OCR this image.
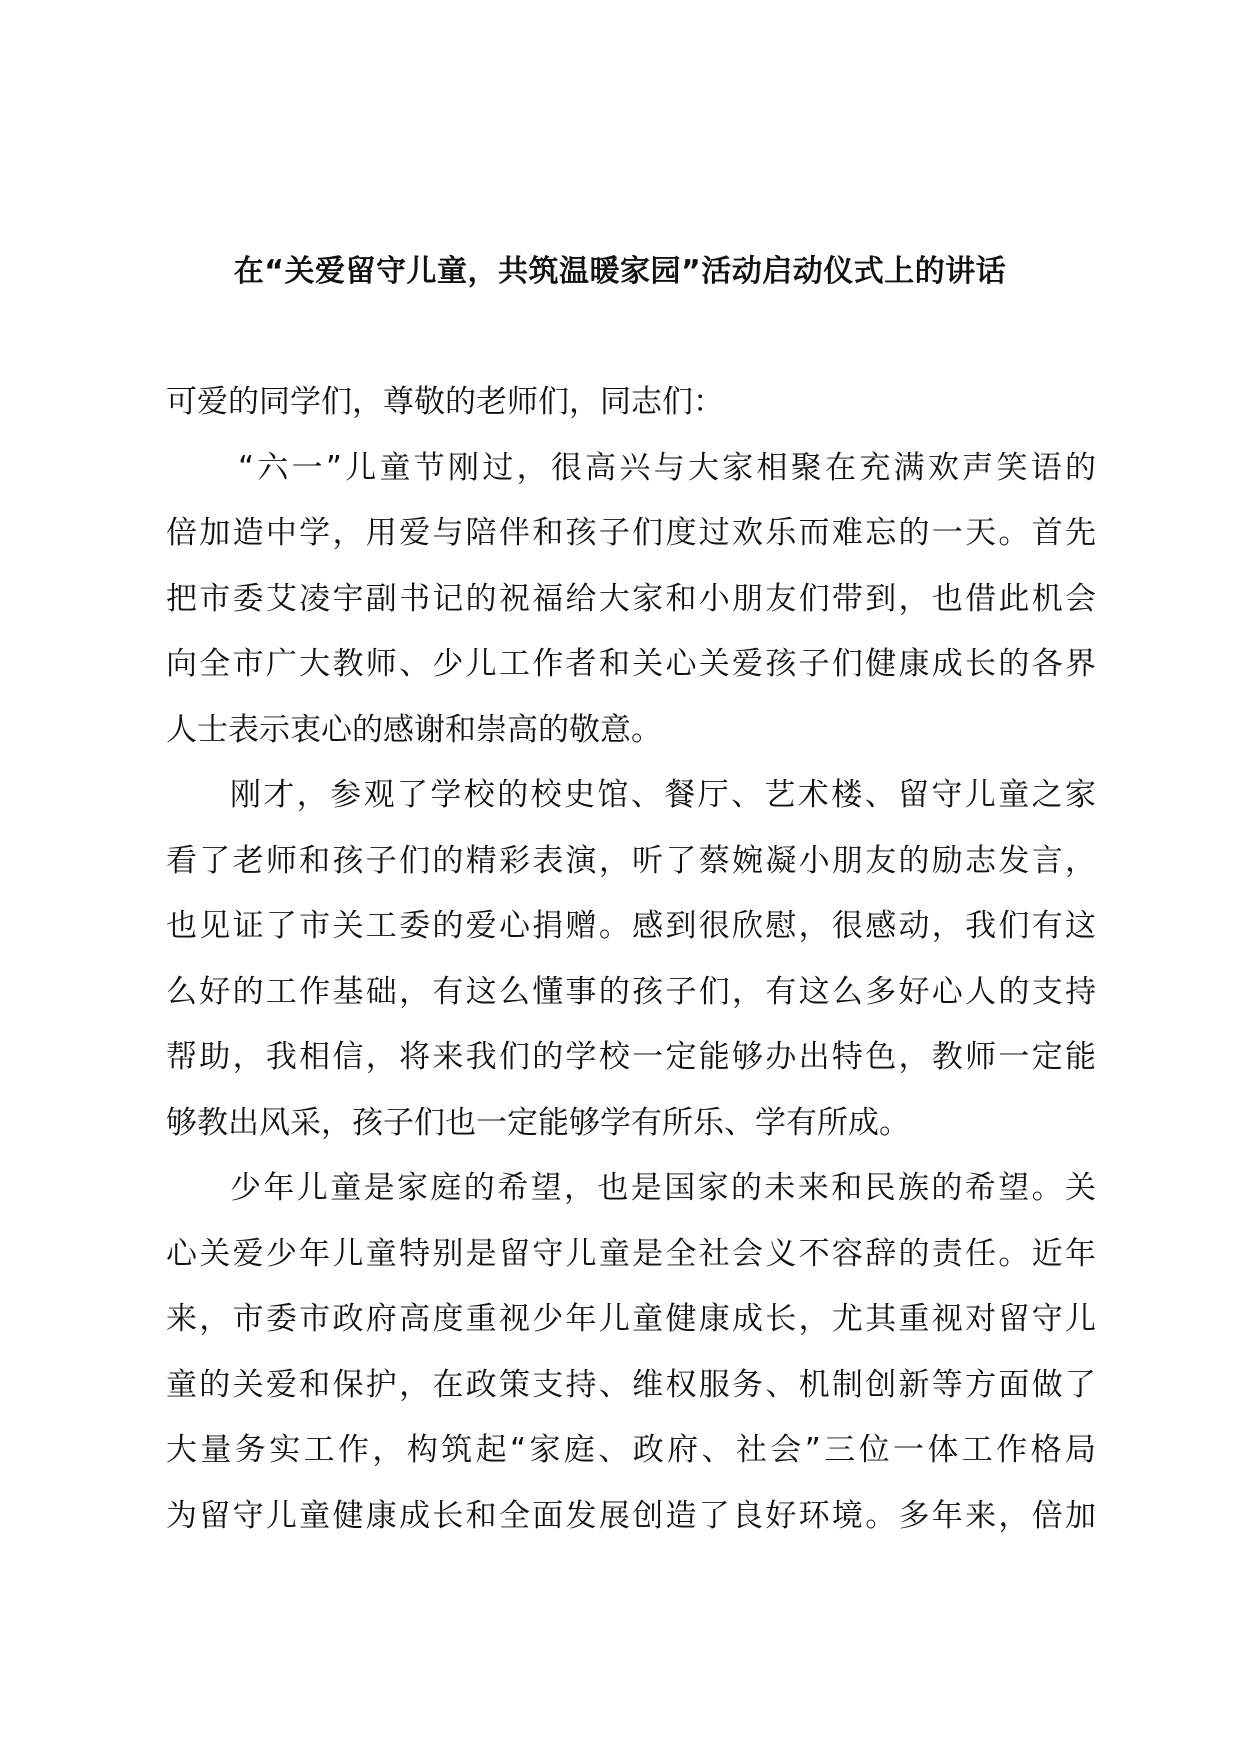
在“关爱留守儿童，共筑温暖家园”活动启动仪式上的讲话
可爱的同学们，尊敬的老师们，同志们：
“六一”儿童节刚过，很高兴与大家相聚在充满欢声笑语的
倍加造中学，用爱与陪伴和孩子们度过欢乐而难忘的一天。首先
把市委艾凌宇副书记的祝福给大家和小朋友们带到，也借此机会
向全市广大教师、少儿工作者和关心关爱孩子们健康成长的各界
人士表示衷心的感谢和崇高的敬意。
刚才，参观了学校的校史馆、餐厅、艺术楼、留守儿童之家
看了老师和孩子们的精彩表演，听了蔡婉凝小朋友的励志发言，
也见证了市关工委的爱心捐赠。感到很欣慰，很感动，我们有这
么好的工作基础，有这么懂事的孩子们，有这么多好心人的支持
帮助，我相信，将来我们的学校一定能够办出特色，教师一定能
够教出风采，孩子们也一定能够学有所乐、学有所成。
少年儿童是家庭的希望，也是国家的未来和民族的希望。关
心关爱少年儿童特别是留守儿童是全社会义不容辞的责任。近年
来，市委市政府高度重视少年儿童健康成长，尤其重视对留守儿
童的关爱和保护，在政策支持、维权服务、机制创新等方面做了
大量务实工作，构筑起“家庭、政府、社会”三位一体工作格局
为留守儿童健康成长和全面发展创造了良好环境。多年来，倍加
